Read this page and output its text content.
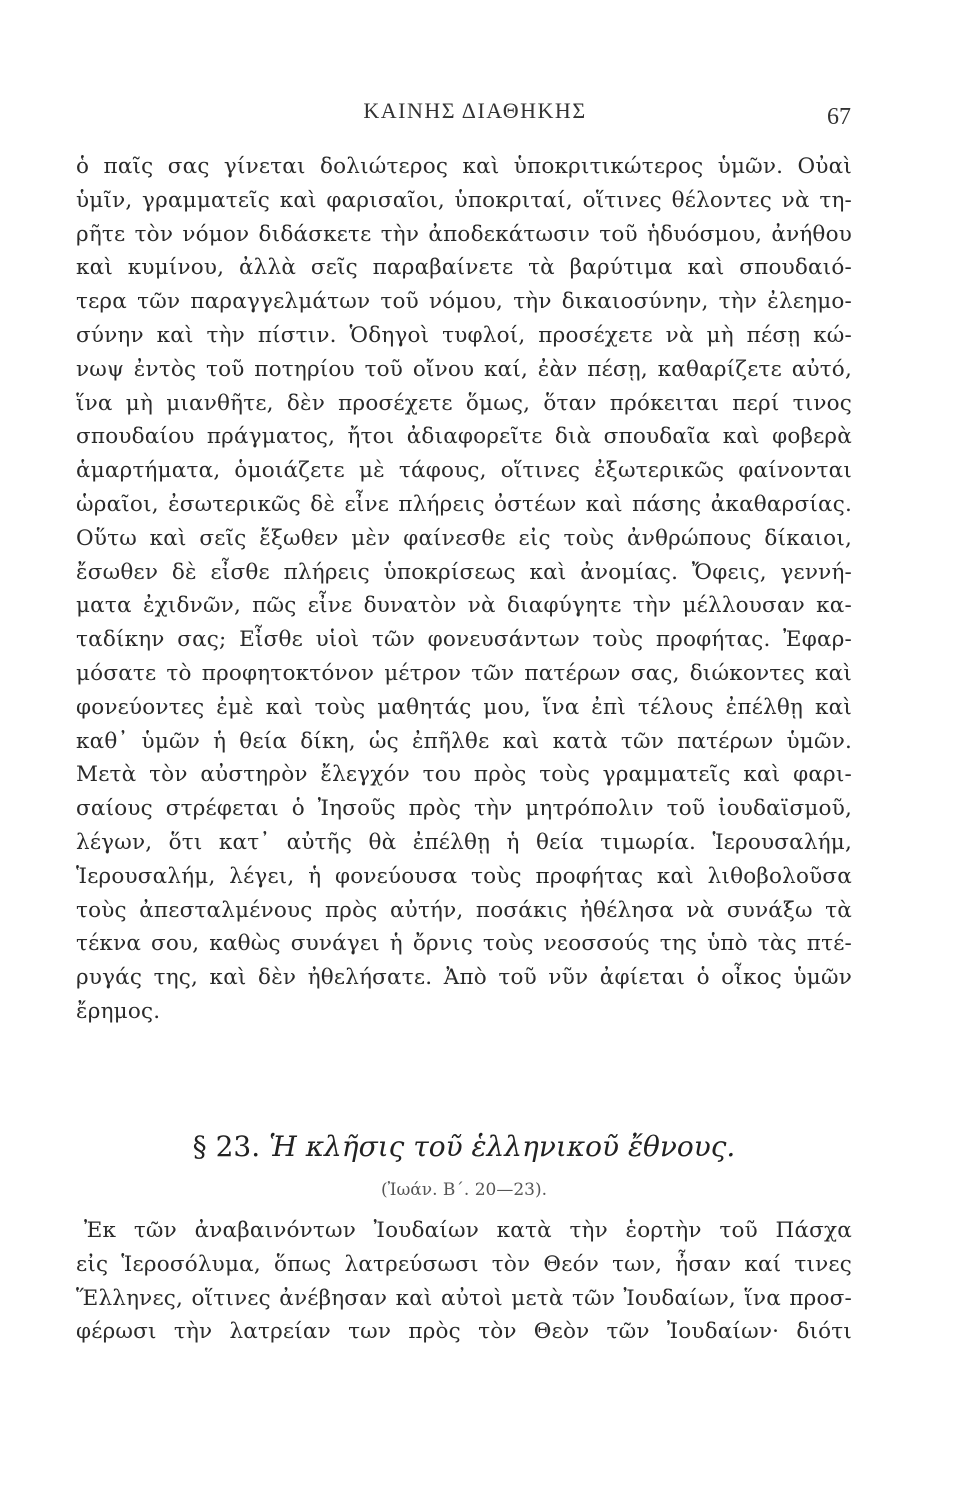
ΚΑΙΝΗΣ ΔΙΑΘΗΚΗΣ	67
ὁ παῖς σας γίνεται δολιώτερος καὶ ὑποκριτικώτερος ὑμῶν. Οὐαὶ
ὑμῖν, γραμματεῖς καὶ φαρισαῖοι, ὑποκριταί, οἵτινες θέλοντες νὰ τη-
ρῆτε τὸν νόμον διδάσκετε τὴν ἀποδεκάτωσιν τοῦ ἡδυόσμου, ἀνήθου
καὶ κυμίνου, ἀλλὰ σεῖς παραβαίνετε τὰ βαρύτιμα καὶ σπουδαιό-
τερα τῶν παραγγελμάτων τοῦ νόμου, τὴν δικαιοσύνην, τὴν ἐλεημο-
σύνην καὶ τὴν πίστιν. Ὁδηγοὶ τυφλοί, προσέχετε νὰ μὴ πέσῃ κώ-
νωψ ἐντὸς τοῦ ποτηρίου τοῦ οἴνου καί, ἐὰν πέσῃ, καθαρίζετε αὐτό,
ἵνα μὴ μιανθῆτε, δὲν προσέχετε ὅμως, ὅταν πρόκειται περί τινος
σπουδαίου πράγματος, ἤτοι ἀδιαφορεῖτε διὰ σπουδαῖα καὶ φοβερὰ
ἁμαρτήματα, ὁμοιάζετε μὲ τάφους, οἵτινες ἐξωτερικῶς φαίνονται
ὡραῖοι, ἐσωτερικῶς δὲ εἶνε πλήρεις ὀστέων καὶ πάσης ἀκαθαρσίας.
Οὕτω καὶ σεῖς ἔξωθεν μὲν φαίνεσθε εἰς τοὺς ἀνθρώπους δίκαιοι,
ἔσωθεν δὲ εἶσθε πλήρεις ὑποκρίσεως καὶ ἀνομίας. Ὄφεις, γεννή-
ματα ἐχιδνῶν, πῶς εἶνε δυνατὸν νὰ διαφύγητε τὴν μέλλουσαν κα-
ταδίκην σας; Εἶσθε υἱοὶ τῶν φονευσάντων τοὺς προφήτας. Ἐφαρ-
μόσατε τὸ προφητοκτόνον μέτρον τῶν πατέρων σας, διώκοντες καὶ
φονεύοντες ἐμὲ καὶ τοὺς μαθητάς μου, ἵνα ἐπὶ τέλους ἐπέλθῃ καὶ
καθ᾿ ὑμῶν ἡ θεία δίκη, ὡς ἐπῆλθε καὶ κατὰ τῶν πατέρων ὑμῶν.
Μετὰ τὸν αὐστηρὸν ἔλεγχόν του πρὸς τοὺς γραμματεῖς καὶ φαρι-
σαίους στρέφεται ὁ Ἰησοῦς πρὸς τὴν μητρόπολιν τοῦ ἰουδαϊσμοῦ,
λέγων, ὅτι κατ᾿ αὐτῆς θὰ ἐπέλθῃ ἡ θεία τιμωρία. Ἱερουσαλήμ,
Ἱερουσαλήμ, λέγει, ἡ φονεύουσα τοὺς προφήτας καὶ λιθοβολοῦσα
τοὺς ἀπεσταλμένους πρὸς αὐτήν, ποσάκις ἠθέλησα νὰ συνάξω τὰ
τέκνα σου, καθὼς συνάγει ἡ ὄρνις τοὺς νεοσσούς της ὑπὸ τὰς πτέ-
ρυγάς της, καὶ δὲν ἠθελήσατε. Ἀπὸ τοῦ νῦν ἀφίεται ὁ οἶκος ὑμῶν
ἔρημος.
§ 23. Ἡ κλῆσις τοῦ ἑλληνικοῦ ἔθνους.
(Ἰωάν. Β΄. 20—23).
Ἐκ τῶν ἀναβαινόντων Ἰουδαίων κατὰ τὴν ἑορτὴν τοῦ Πάσχα
εἰς Ἱεροσόλυμα, ὅπως λατρεύσωσι τὸν Θεόν των, ἦσαν καί τινες
Ἕλληνες, οἵτινες ἀνέβησαν καὶ αὐτοὶ μετὰ τῶν Ἰουδαίων, ἵνα προσ-
φέρωσι τὴν λατρείαν των πρὸς τὸν Θεὸν τῶν Ἰουδαίων· διότι
